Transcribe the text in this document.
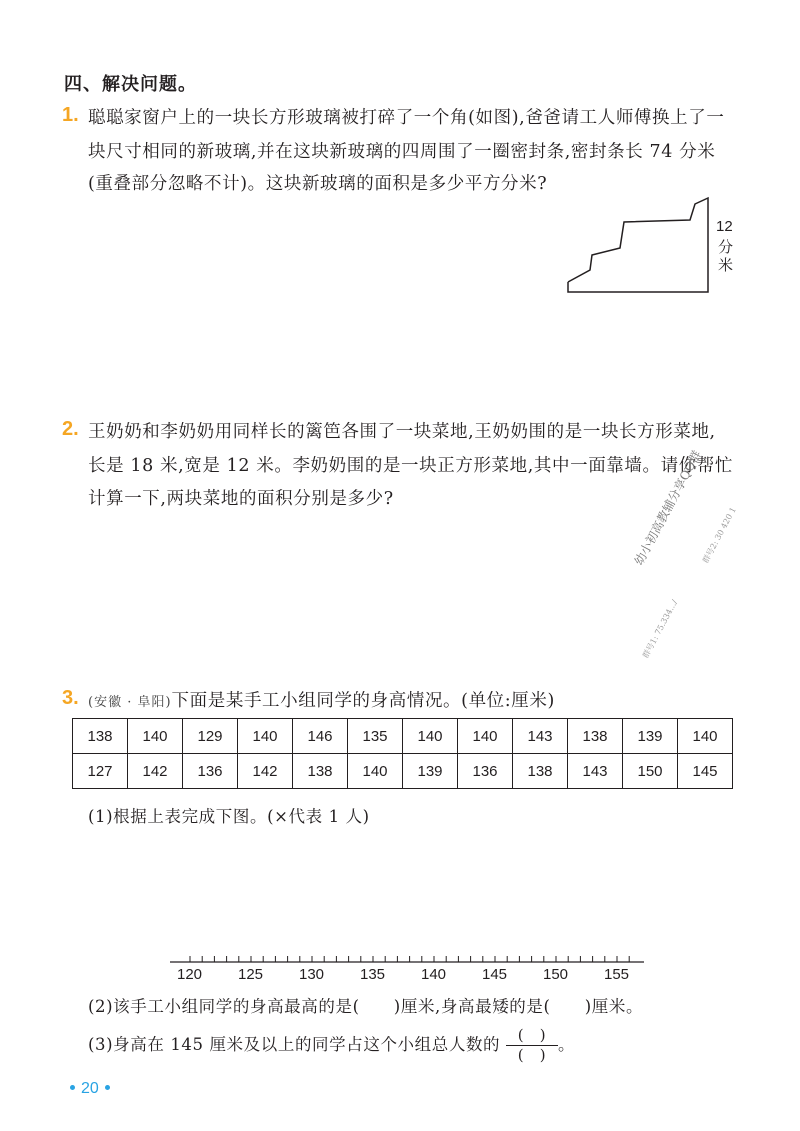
四、解决问题。
1. 聪聪家窗户上的一块长方形玻璃被打碎了一个角(如图),爸爸请工人师傅换上了一
块尺寸相同的新玻璃,并在这块新玻璃的四周围了一圈密封条,密封条长 74 分米
(重叠部分忽略不计)。这块新玻璃的面积是多少平方分米?
12
分
米
2. 王奶奶和李奶奶用同样长的篱笆各围了一块菜地,王奶奶围的是一块长方形菜地,
长是 18 米,宽是 12 米。李奶奶围的是一块正方形菜地,其中一面靠墙。请你帮忙
计算一下,两块菜地的面积分别是多少?	幼小初高教辅分享QQ群
群号1: 75.334.../
群号2: 30 420 1
3. (安徽 · 阜阳)下面是某手工小组同学的身高情况。(单位:厘米)
138	140	129	140	146	135	140	140	143	138	139	140
127	142	136	142	138	140	139	136	138	143	150	145
(1)根据上表完成下图。(×代表 1 人)
120 125 130 135 140 145 150 155
(2)该手工小组同学的身高最高的是(　　)厘米,身高最矮的是(　　)厘米。
(3)身高在 145 厘米及以上的同学占这个小组总人数的 $\frac{( )}{( )}$。
20
